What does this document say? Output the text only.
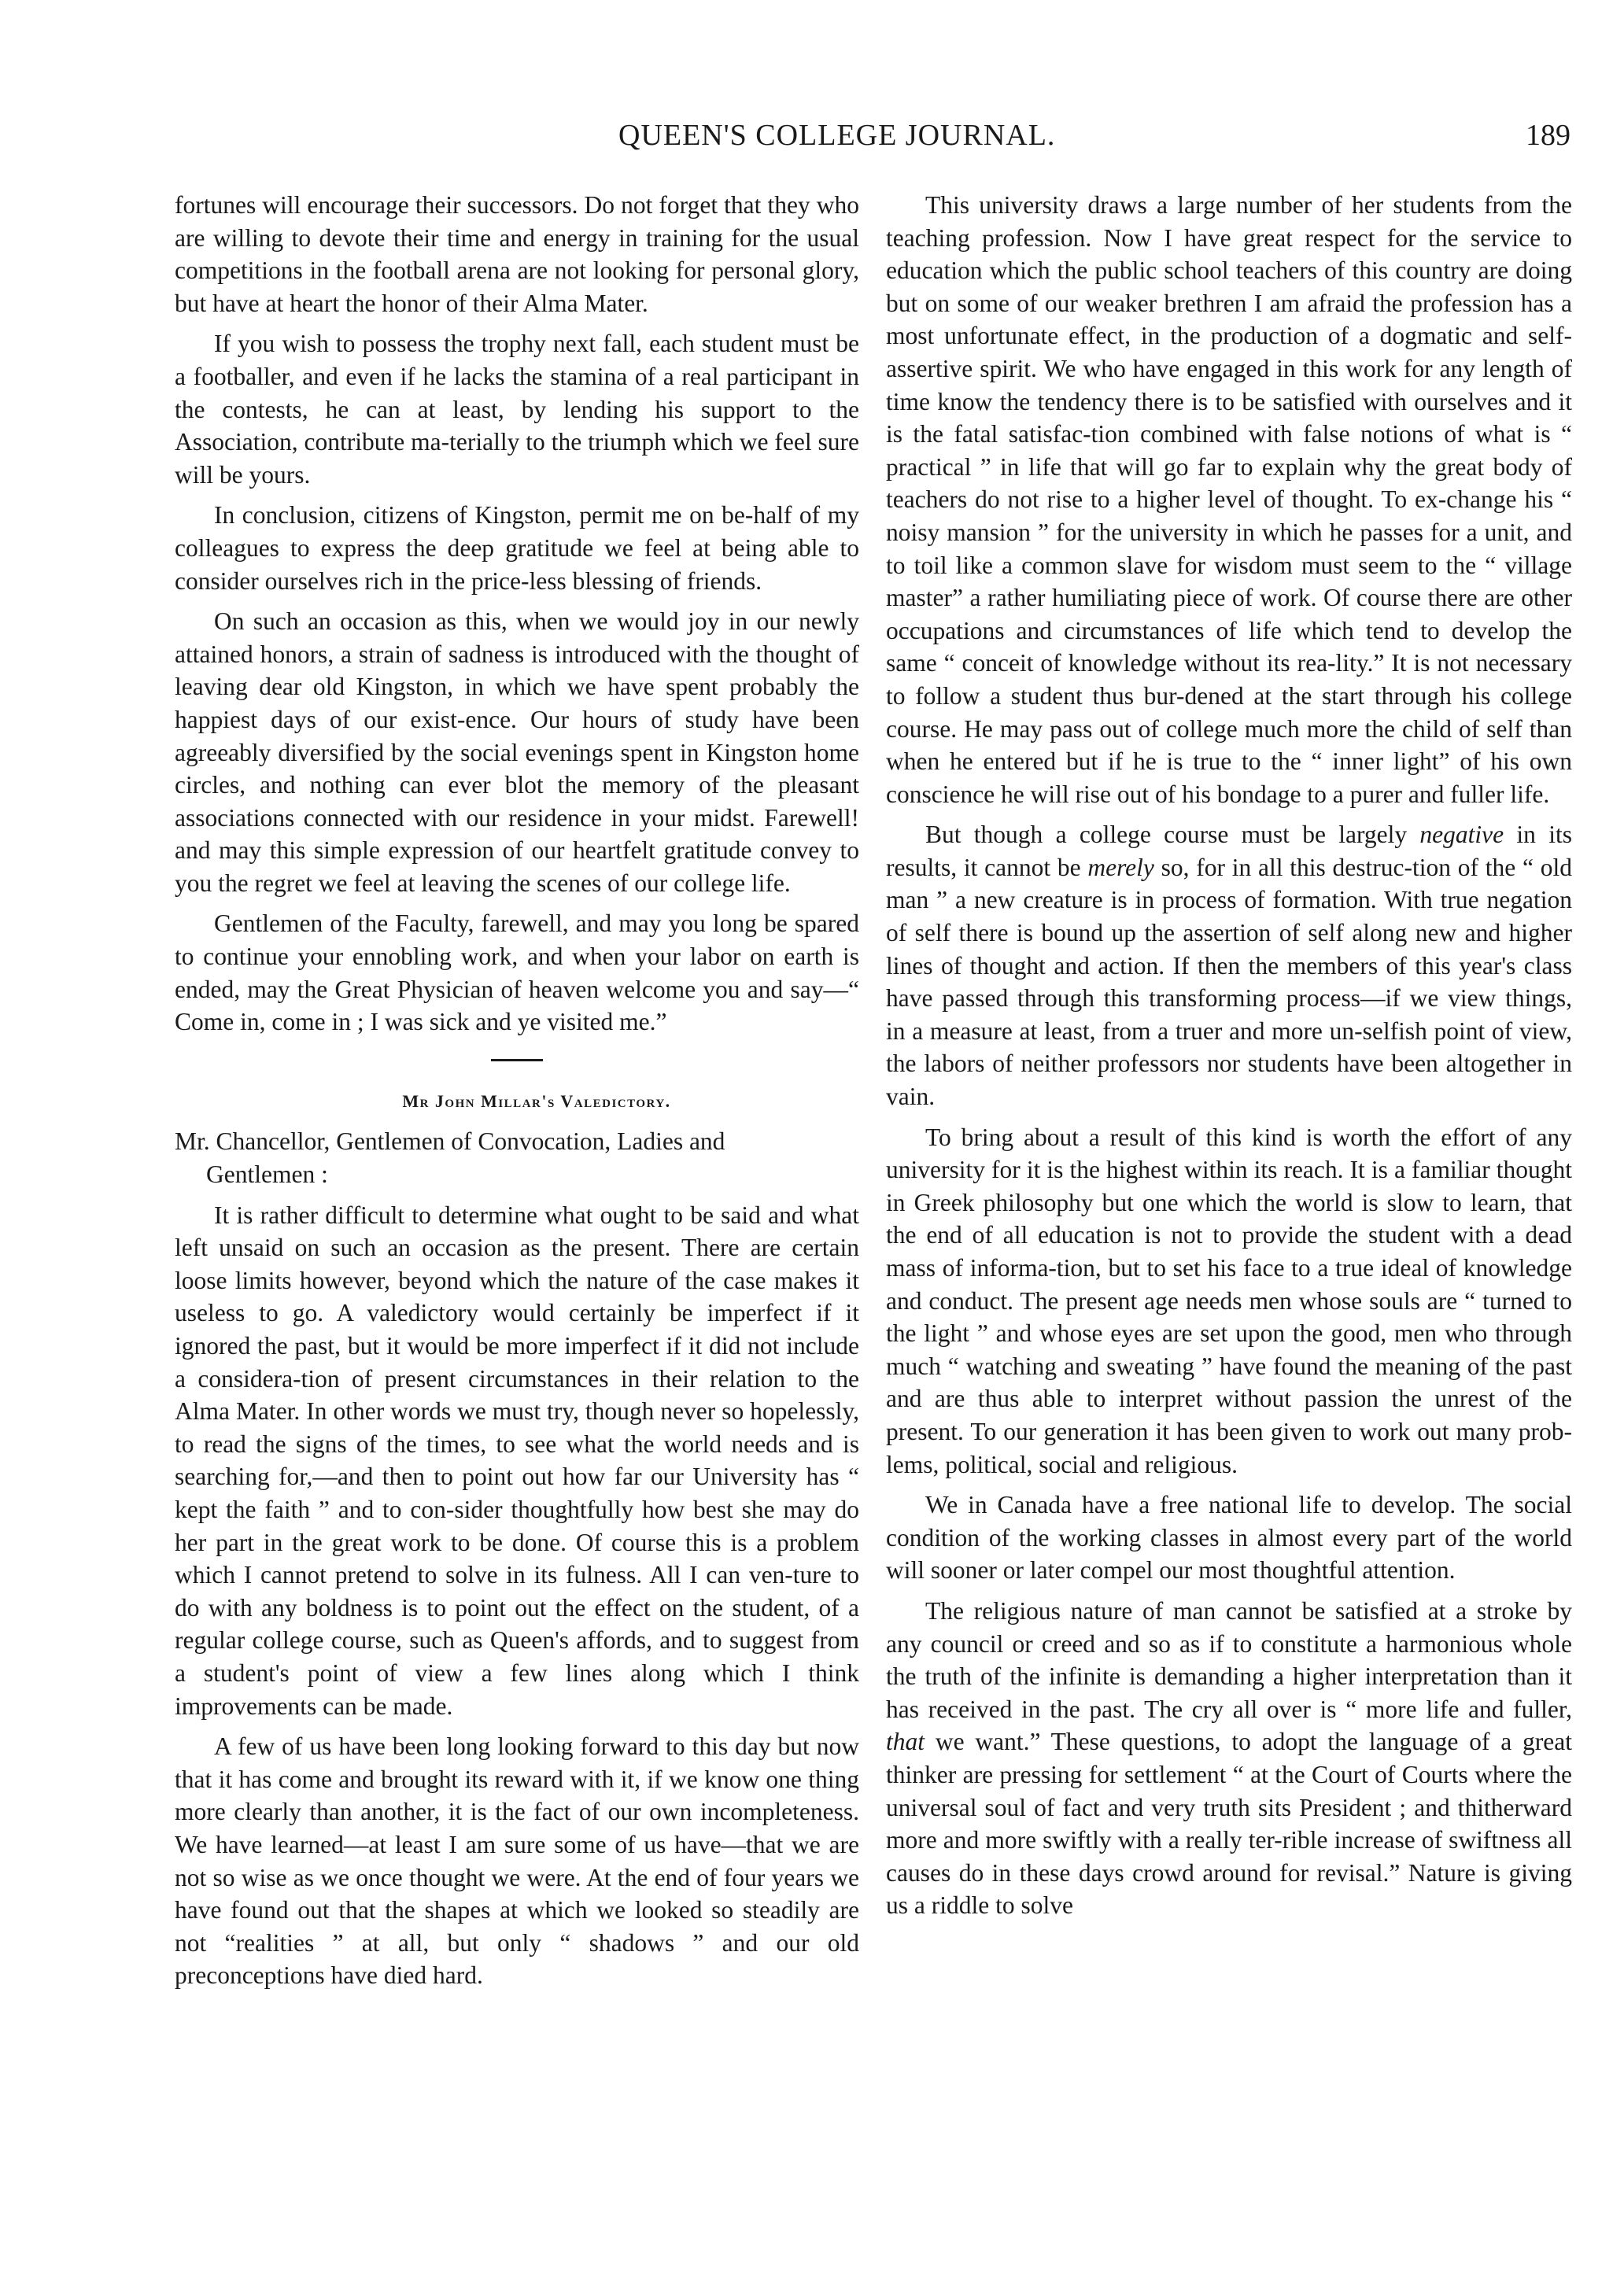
QUEEN'S COLLEGE JOURNAL.	189

fortunes will encourage their successors. Do not forget that they who are willing to devote their time and energy in training for the usual competitions in the football arena are not looking for personal glory, but have at heart the honor of their Alma Mater.

If you wish to possess the trophy next fall, each student must be a footballer, and even if he lacks the stamina of a real participant in the contests, he can at least, by lending his support to the Association, contribute ma-terially to the triumph which we feel sure will be yours.

In conclusion, citizens of Kingston, permit me on be-half of my colleagues to express the deep gratitude we feel at being able to consider ourselves rich in the price-less blessing of friends.

On such an occasion as this, when we would joy in our newly attained honors, a strain of sadness is introduced with the thought of leaving dear old Kingston, in which we have spent probably the happiest days of our exist-ence. Our hours of study have been agreeably diversified by the social evenings spent in Kingston home circles, and nothing can ever blot the memory of the pleasant associations connected with our residence in your midst. Farewell! and may this simple expression of our heartfelt gratitude convey to you the regret we feel at leaving the scenes of our college life.

Gentlemen of the Faculty, farewell, and may you long be spared to continue your ennobling work, and when your labor on earth is ended, may the Great Physician of heaven welcome you and say—“ Come in, come in ; I was sick and ye visited me.”

Mr John Millar's Valedictory.

Mr. Chancellor, Gentlemen of Convocation, Ladies and
Gentlemen :

It is rather difficult to determine what ought to be said and what left unsaid on such an occasion as the present. There are certain loose limits however, beyond which the nature of the case makes it useless to go. A valedictory would certainly be imperfect if it ignored the past, but it would be more imperfect if it did not include a considera-tion of present circumstances in their relation to the Alma Mater. In other words we must try, though never so hopelessly, to read the signs of the times, to see what the world needs and is searching for,—and then to point out how far our University has “ kept the faith ” and to con-sider thoughtfully how best she may do her part in the great work to be done. Of course this is a problem which I cannot pretend to solve in its fulness. All I can ven-ture to do with any boldness is to point out the effect on the student, of a regular college course, such as Queen's affords, and to suggest from a student's point of view a few lines along which I think improvements can be made.

A few of us have been long looking forward to this day but now that it has come and brought its reward with it, if we know one thing more clearly than another, it is the fact of our own incompleteness. We have learned—at least I am sure some of us have—that we are not so wise as we once thought we were. At the end of four years we have found out that the shapes at which we looked so steadily are not “realities ” at all, but only “ shadows ” and our old preconceptions have died hard.

This university draws a large number of her students from the teaching profession. Now I have great respect for the service to education which the public school teachers of this country are doing but on some of our weaker brethren I am afraid the profession has a most unfortunate effect, in the production of a dogmatic and self-assertive spirit. We who have engaged in this work for any length of time know the tendency there is to be satisfied with ourselves and it is the fatal satisfac-tion combined with false notions of what is “ practical ” in life that will go far to explain why the great body of teachers do not rise to a higher level of thought. To ex-change his “ noisy mansion ” for the university in which he passes for a unit, and to toil like a common slave for wisdom must seem to the “ village master” a rather humiliating piece of work. Of course there are other occupations and circumstances of life which tend to develop the same “ conceit of knowledge without its rea-lity.” It is not necessary to follow a student thus bur-dened at the start through his college course. He may pass out of college much more the child of self than when he entered but if he is true to the “ inner light” of his own conscience he will rise out of his bondage to a purer and fuller life.

But though a college course must be largely negative in its results, it cannot be merely so, for in all this destruc-tion of the “ old man ” a new creature is in process of formation. With true negation of self there is bound up the assertion of self along new and higher lines of thought and action. If then the members of this year's class have passed through this transforming process—if we view things, in a measure at least, from a truer and more un-selfish point of view, the labors of neither professors nor students have been altogether in vain.

To bring about a result of this kind is worth the effort of any university for it is the highest within its reach. It is a familiar thought in Greek philosophy but one which the world is slow to learn, that the end of all education is not to provide the student with a dead mass of informa-tion, but to set his face to a true ideal of knowledge and conduct. The present age needs men whose souls are “ turned to the light ” and whose eyes are set upon the good, men who through much “ watching and sweating ” have found the meaning of the past and are thus able to interpret without passion the unrest of the present. To our generation it has been given to work out many prob-lems, political, social and religious.

We in Canada have a free national life to develop. The social condition of the working classes in almost every part of the world will sooner or later compel our most thoughtful attention.

The religious nature of man cannot be satisfied at a stroke by any council or creed and so as if to constitute a harmonious whole the truth of the infinite is demanding a higher interpretation than it has received in the past. The cry all over is “ more life and fuller, that we want.” These questions, to adopt the language of a great thinker are pressing for settlement “ at the Court of Courts where the universal soul of fact and very truth sits President ; and thitherward more and more swiftly with a really ter-rible increase of swiftness all causes do in these days crowd around for revisal.” Nature is giving us a riddle to solve
